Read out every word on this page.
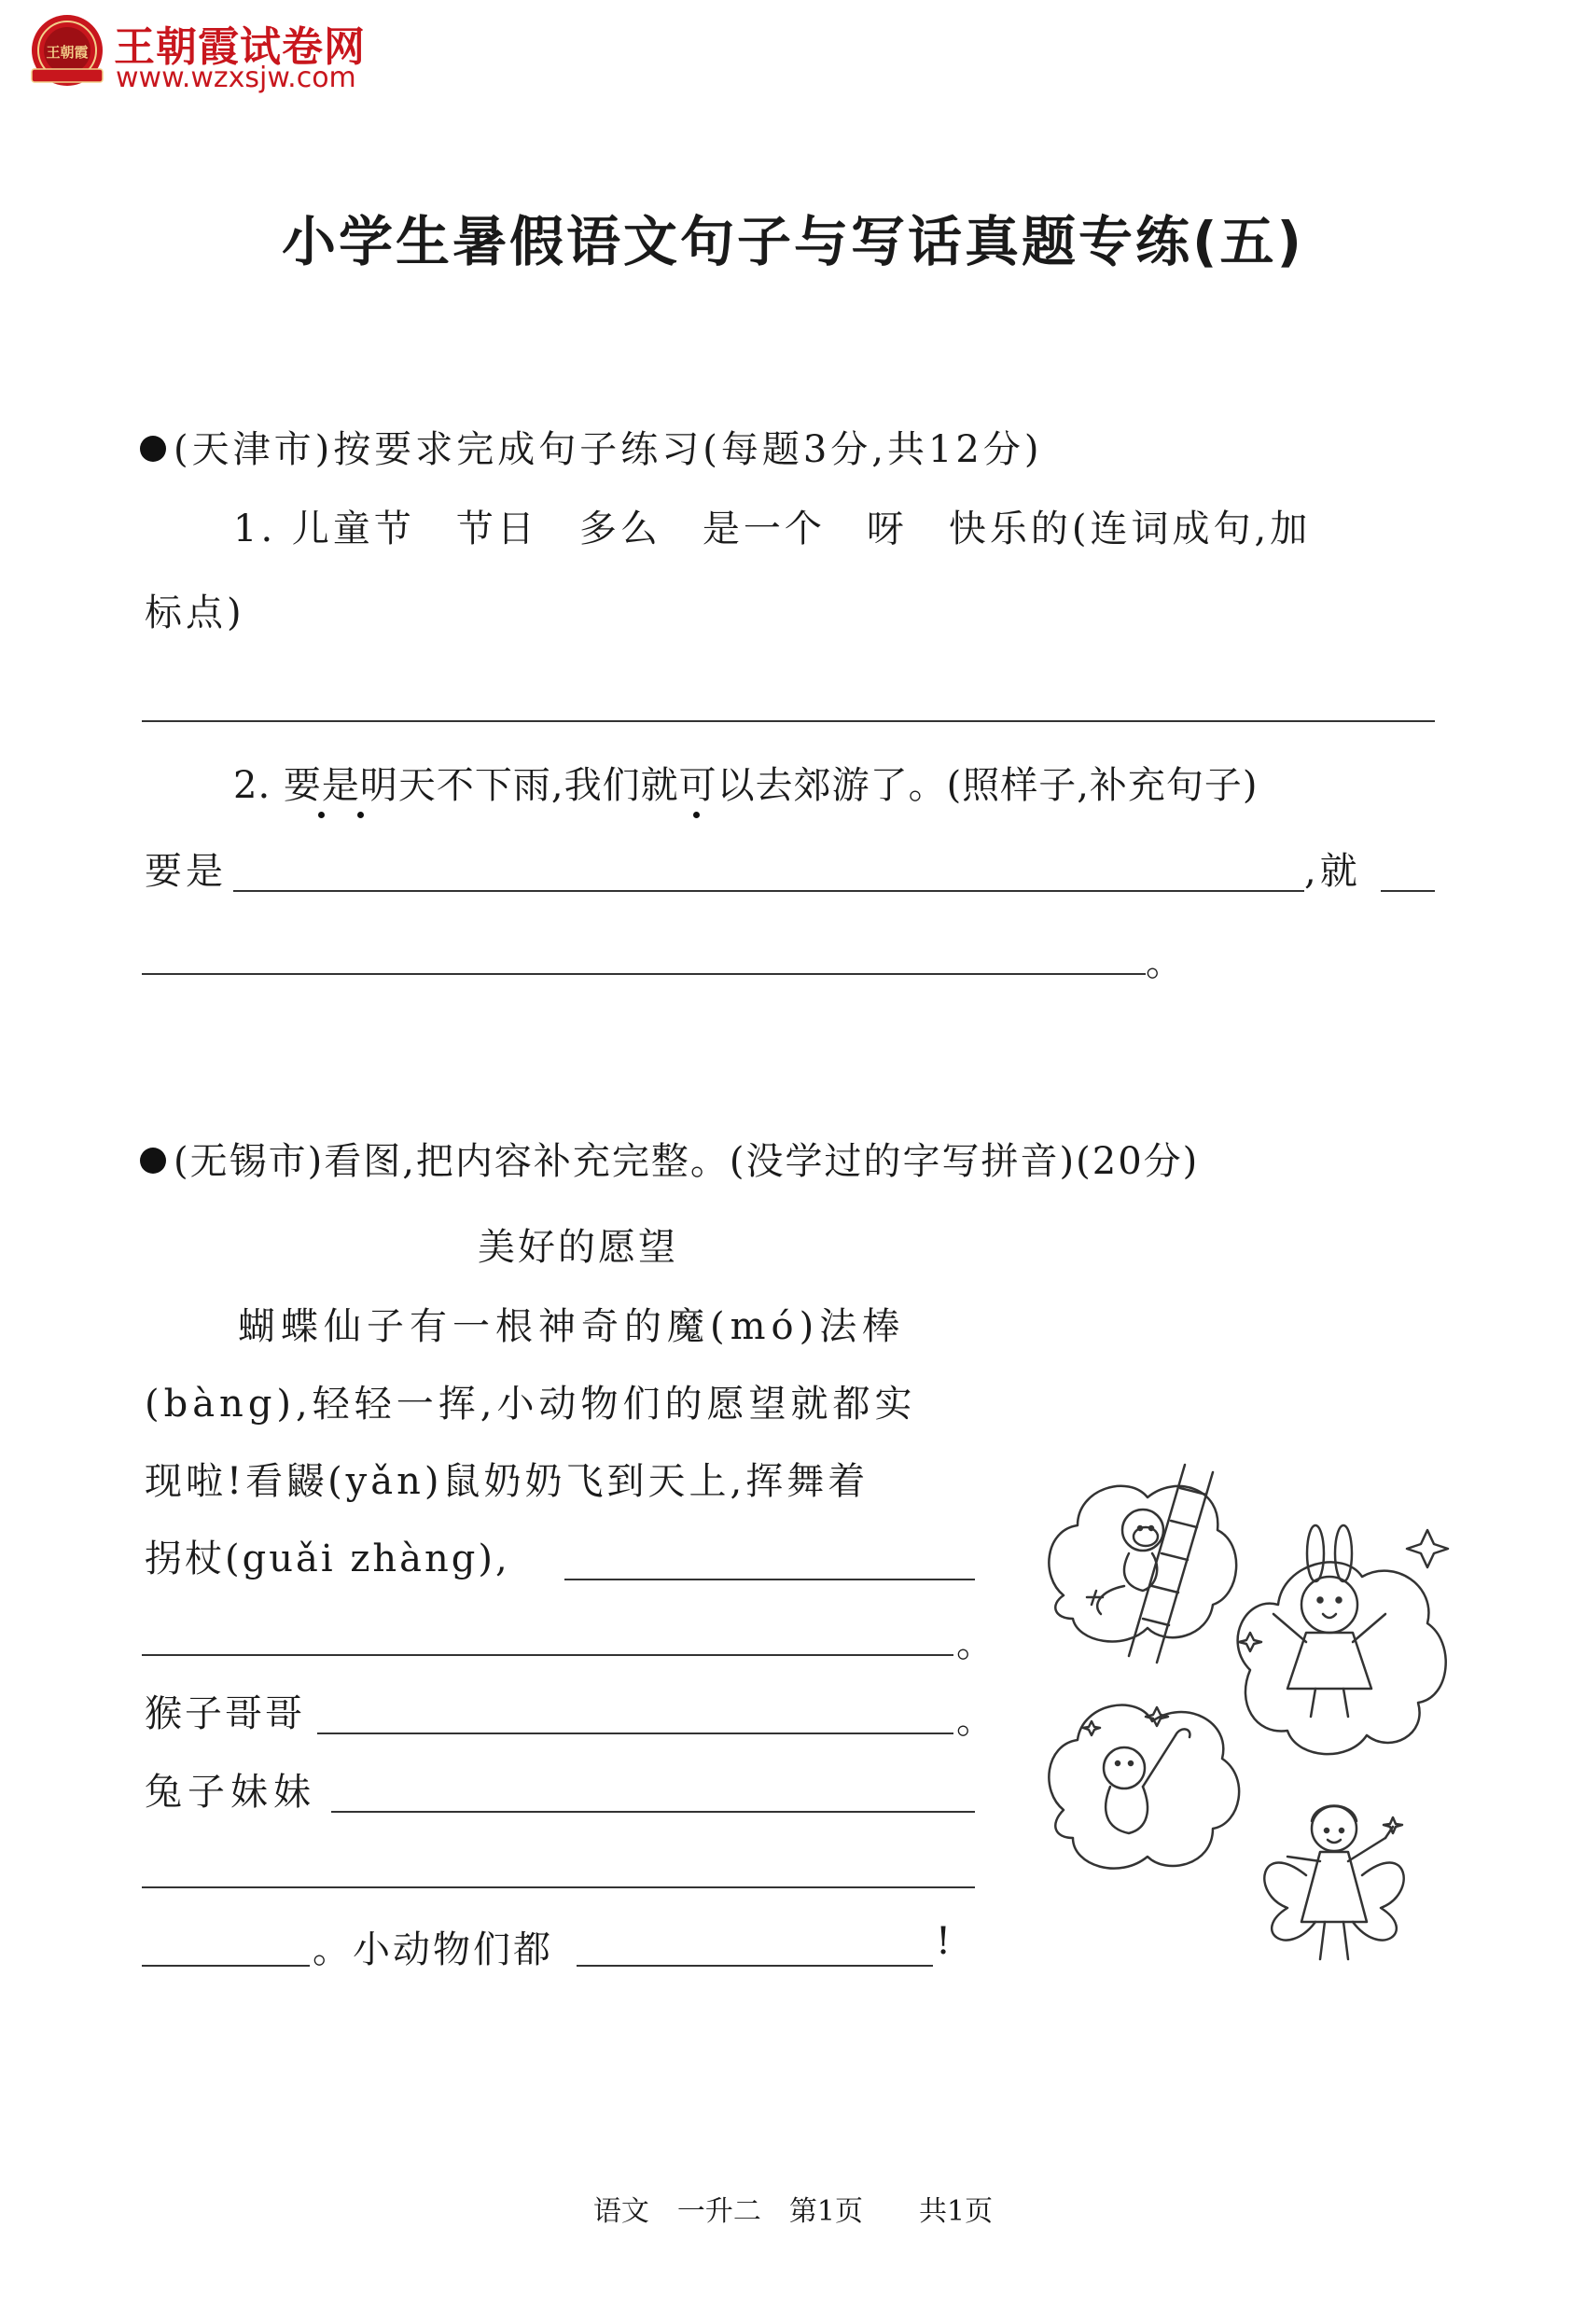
王朝霞 王朝霞试卷网
www.wzxsjw.com
小学生暑假语文句子与写话真题专练(五)
(天津市)按要求完成句子练习(每题3分,共12分)
1. 儿童节　节日　多么　是一个　呀　快乐的(连词成句,加
标点)
2. 要是明天不下雨,我们就可以去郊游了。(照样子,补充句子)
要是	,就
。
(无锡市)看图,把内容补充完整。(没学过的字写拼音)(20分)
美好的愿望
蝴蝶仙子有一根神奇的魔(mó)法棒
(bàng),轻轻一挥,小动物们的愿望就都实
现啦!看鼹(yǎn)鼠奶奶飞到天上,挥舞着
拐杖(guǎi zhàng),
。
猴子哥哥	。
兔子妹妹
。小动物们都	!
语文　一升二　第1页　　共1页
